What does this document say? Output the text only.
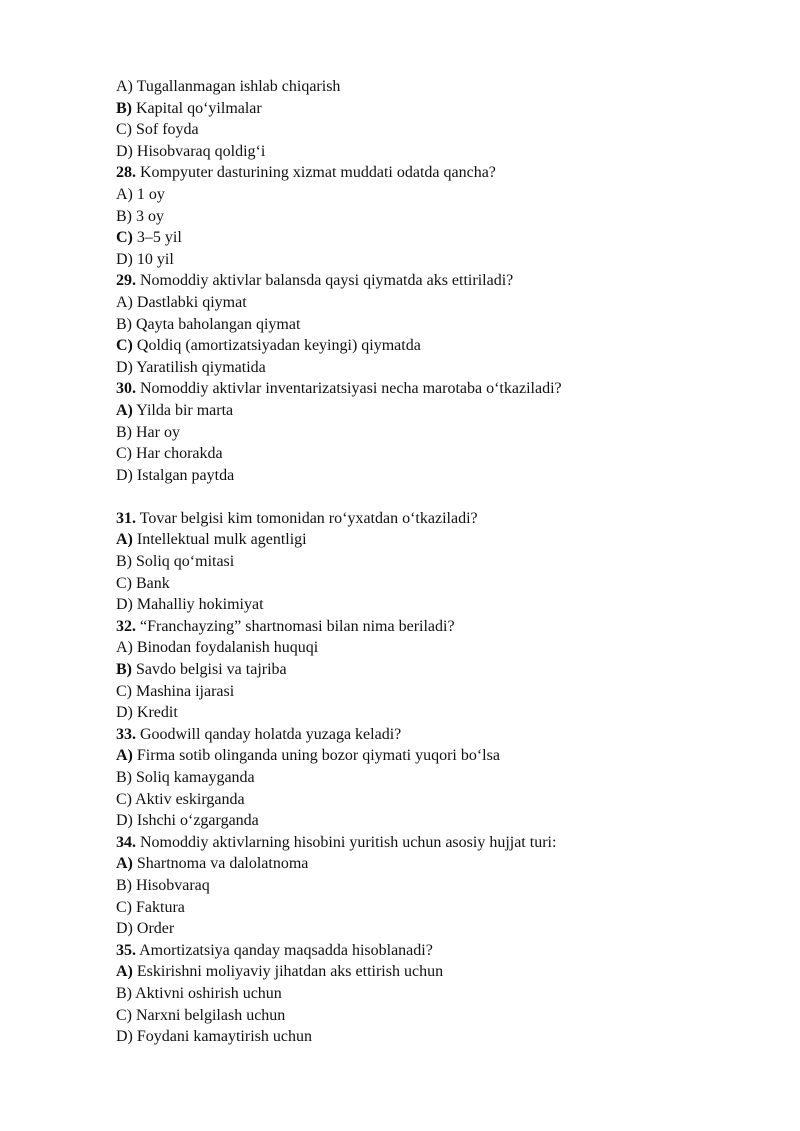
A) Tugallanmagan ishlab chiqarish
B) Kapital qo‘yilmalar
C) Sof foyda
D) Hisobvaraq qoldig‘i
28. Kompyuter dasturining xizmat muddati odatda qancha?
A) 1 oy
B) 3 oy
C) 3–5 yil
D) 10 yil
29. Nomoddiy aktivlar balansda qaysi qiymatda aks ettiriladi?
A) Dastlabki qiymat
B) Qayta baholangan qiymat
C) Qoldiq (amortizatsiyadan keyingi) qiymatda
D) Yaratilish qiymatida
30. Nomoddiy aktivlar inventarizatsiyasi necha marotaba o‘tkaziladi?
A) Yilda bir marta
B) Har oy
C) Har chorakda
D) Istalgan paytda
31. Tovar belgisi kim tomonidan ro‘yxatdan o‘tkaziladi?
A) Intellektual mulk agentligi
B) Soliq qo‘mitasi
C) Bank
D) Mahalliy hokimiyat
32. “Franchayzing” shartnomasi bilan nima beriladi?
A) Binodan foydalanish huquqi
B) Savdo belgisi va tajriba
C) Mashina ijarasi
D) Kredit
33. Goodwill qanday holatda yuzaga keladi?
A) Firma sotib olinganda uning bozor qiymati yuqori bo‘lsa
B) Soliq kamayganda
C) Aktiv eskirganda
D) Ishchi o‘zgarganda
34. Nomoddiy aktivlarning hisobini yuritish uchun asosiy hujjat turi:
A) Shartnoma va dalolatnoma
B) Hisobvaraq
C) Faktura
D) Order
35. Amortizatsiya qanday maqsadda hisoblanadi?
A) Eskirishni moliyaviy jihatdan aks ettirish uchun
B) Aktivni oshirish uchun
C) Narxni belgilash uchun
D) Foydani kamaytirish uchun
